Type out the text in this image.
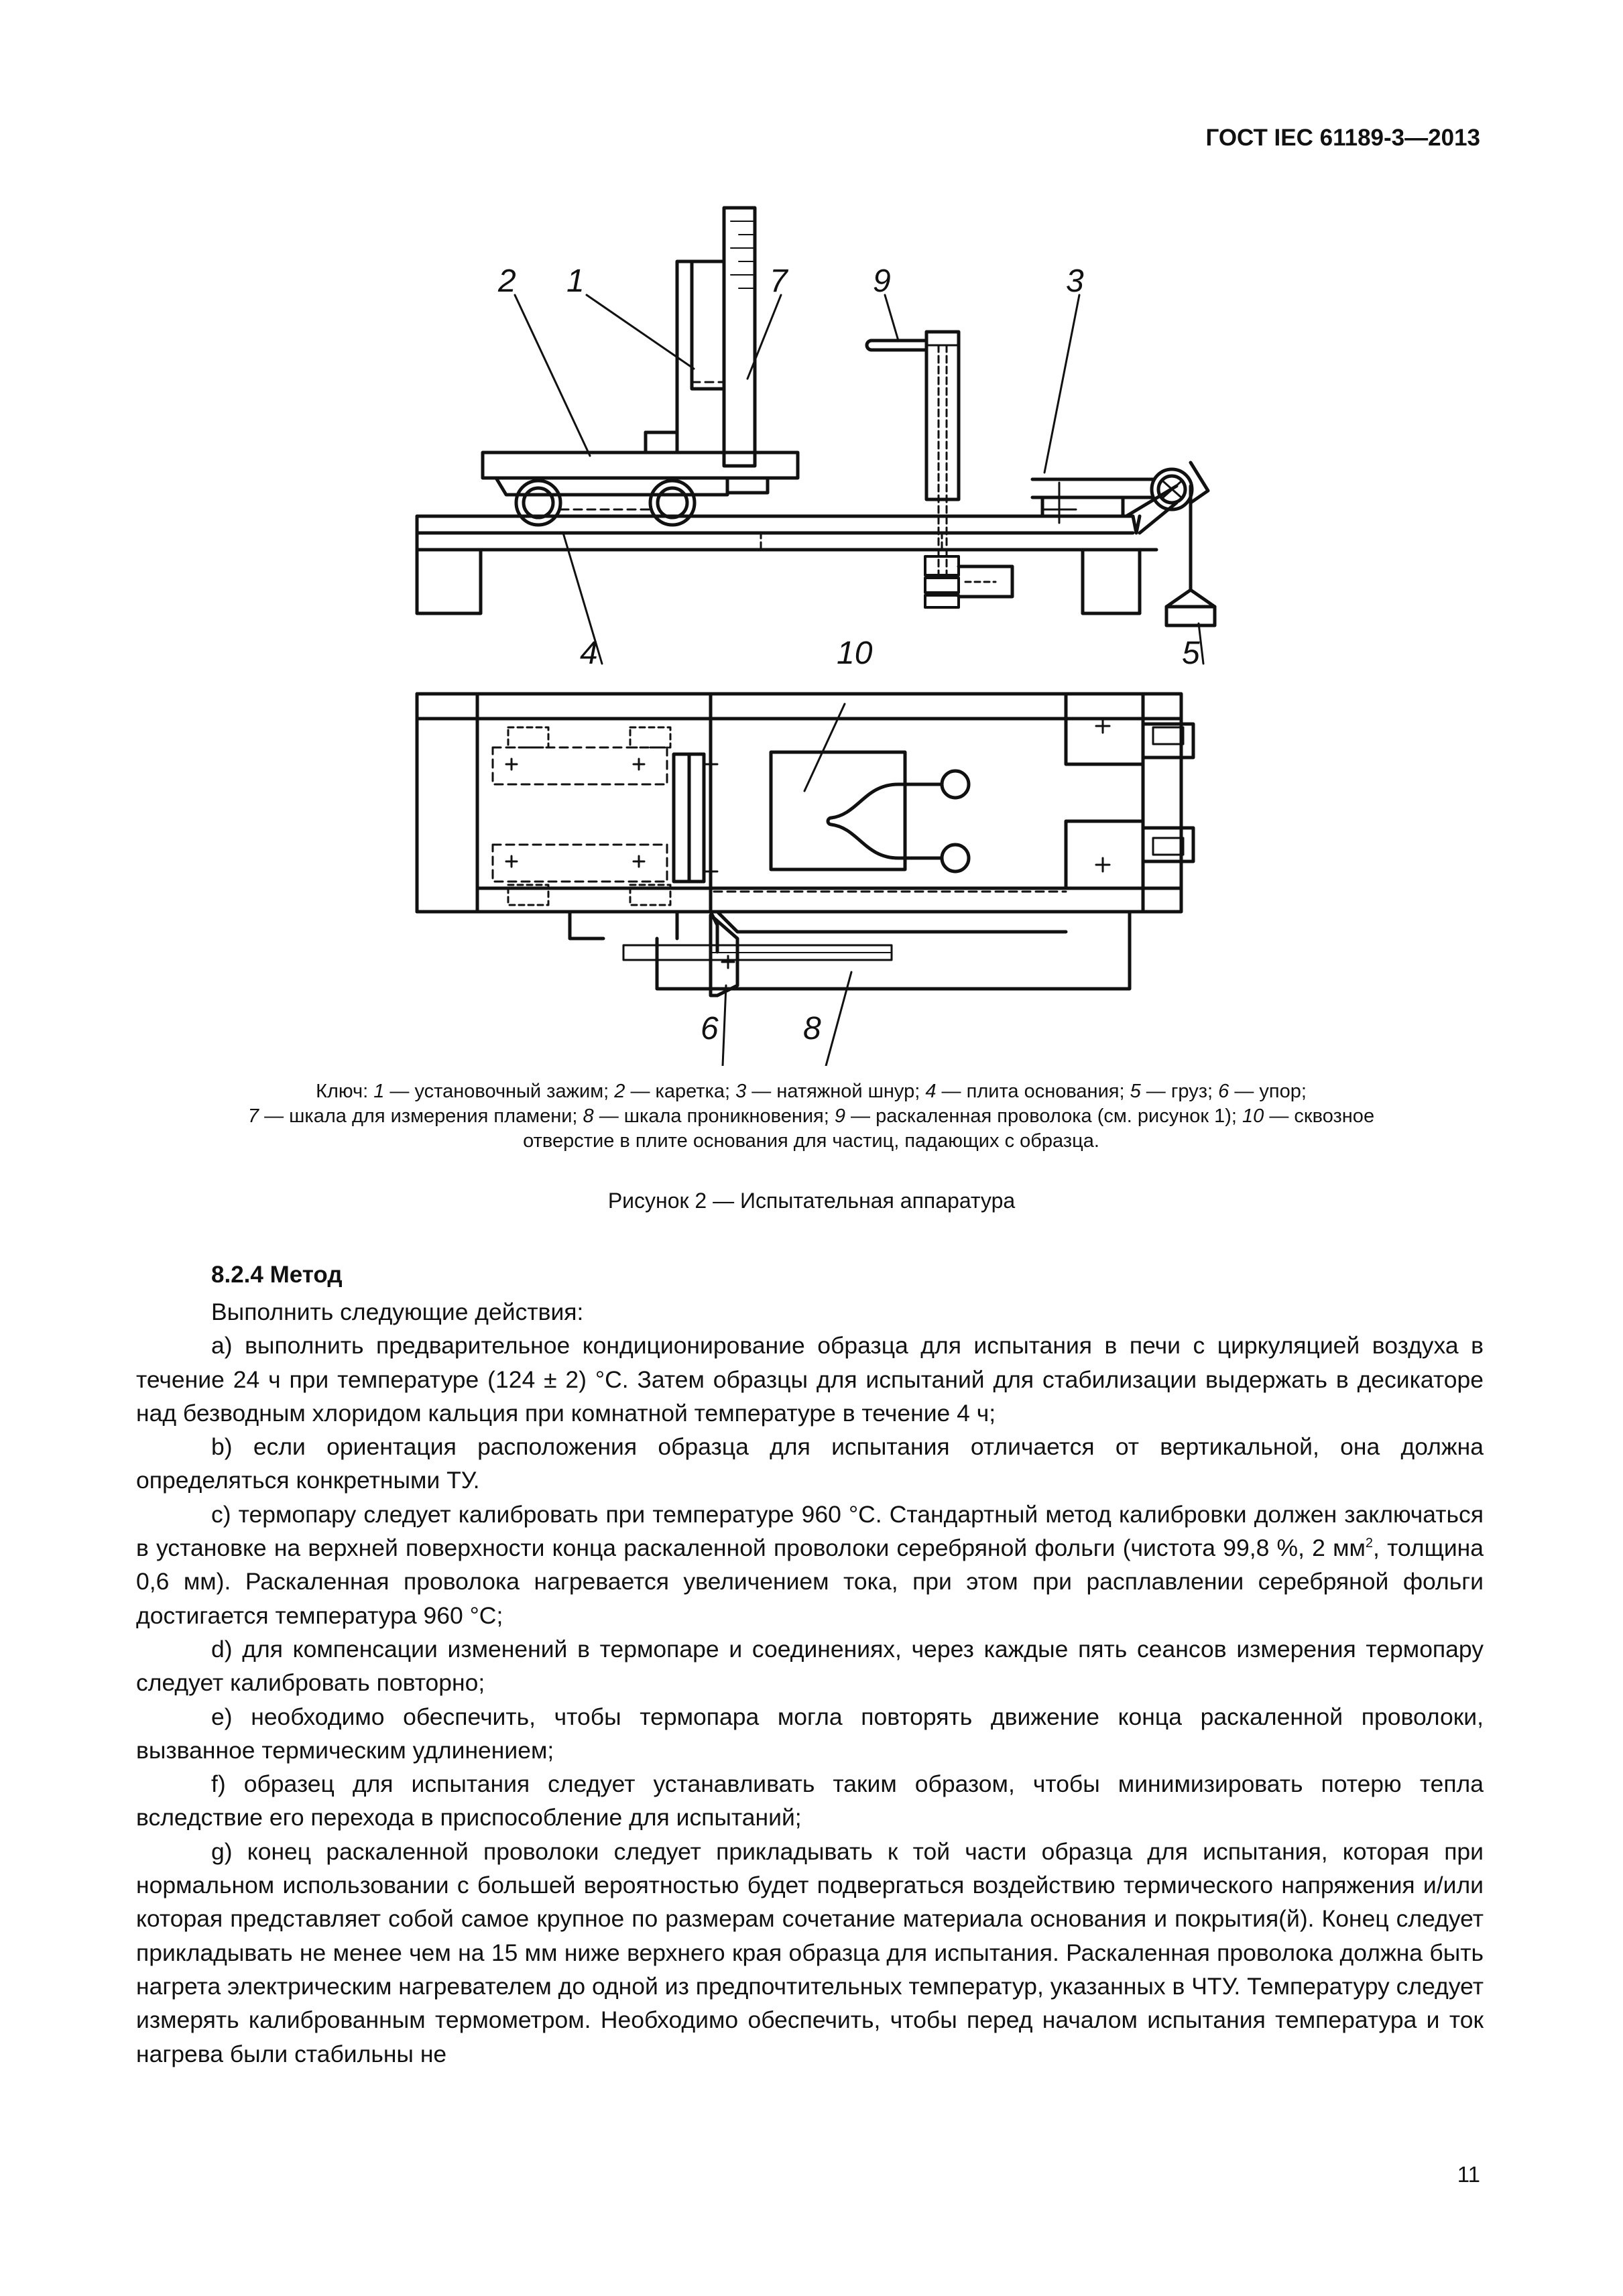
ГОСТ IEC 61189-3—2013
2 1	7	9	3
4	5
10
6	8
Ключ: 1 — установочный зажим; 2 — каретка; 3 — натяжной шнур; 4 — плита основания; 5 — груз; 6 — упор;
7 — шкала для измерения пламени; 8 — шкала проникновения; 9 — раскаленная проволока (см. рисунок 1); 10 — сквозное
отверстие в плите основания для частиц, падающих с образца.
Рисунок 2 — Испытательная аппаратура
8.2.4 Метод

Выполнить следующие действия:

a) выполнить предварительное кондиционирование образца для испытания в печи с циркуляцией воздуха в течение 24 ч при температуре (124 ± 2) °С. Затем образцы для испытаний для стабилизации выдержать в десикаторе над безводным хлоридом кальция при комнатной температуре в течение 4 ч;

b) если ориентация расположения образца для испытания отличается от вертикальной, она должна определяться конкретными ТУ.

c) термопару следует калибровать при температуре 960 °С. Стандартный метод калибровки должен заключаться в установке на верхней поверхности конца раскаленной проволоки серебряной фольги (чистота 99,8 %, 2 $мм^2$, толщина 0,6 мм). Раскаленная проволока нагревается увеличением тока, при этом при расплавлении серебряной фольги достигается температура 960 °С;

d) для компенсации изменений в термопаре и соединениях, через каждые пять сеансов измерения термопару следует калибровать повторно;

e) необходимо обеспечить, чтобы термопара могла повторять движение конца раскаленной проволоки, вызванное термическим удлинением;

f) образец для испытания следует устанавливать таким образом, чтобы минимизировать потерю тепла вследствие его перехода в приспособление для испытаний;

g) конец раскаленной проволоки следует прикладывать к той части образца для испытания, которая при нормальном использовании с большей вероятностью будет подвергаться воздействию термического напряжения и/или которая представляет собой самое крупное по размерам сочетание материала основания и покрытия(й). Конец следует прикладывать не менее чем на 15 мм ниже верхнего края образца для испытания. Раскаленная проволока должна быть нагрета электрическим нагревателем до одной из предпочтительных температур, указанных в ЧТУ. Температуру следует измерять калиброванным термометром. Необходимо обеспечить, чтобы перед началом испытания температура и ток нагрева были стабильны не

11
